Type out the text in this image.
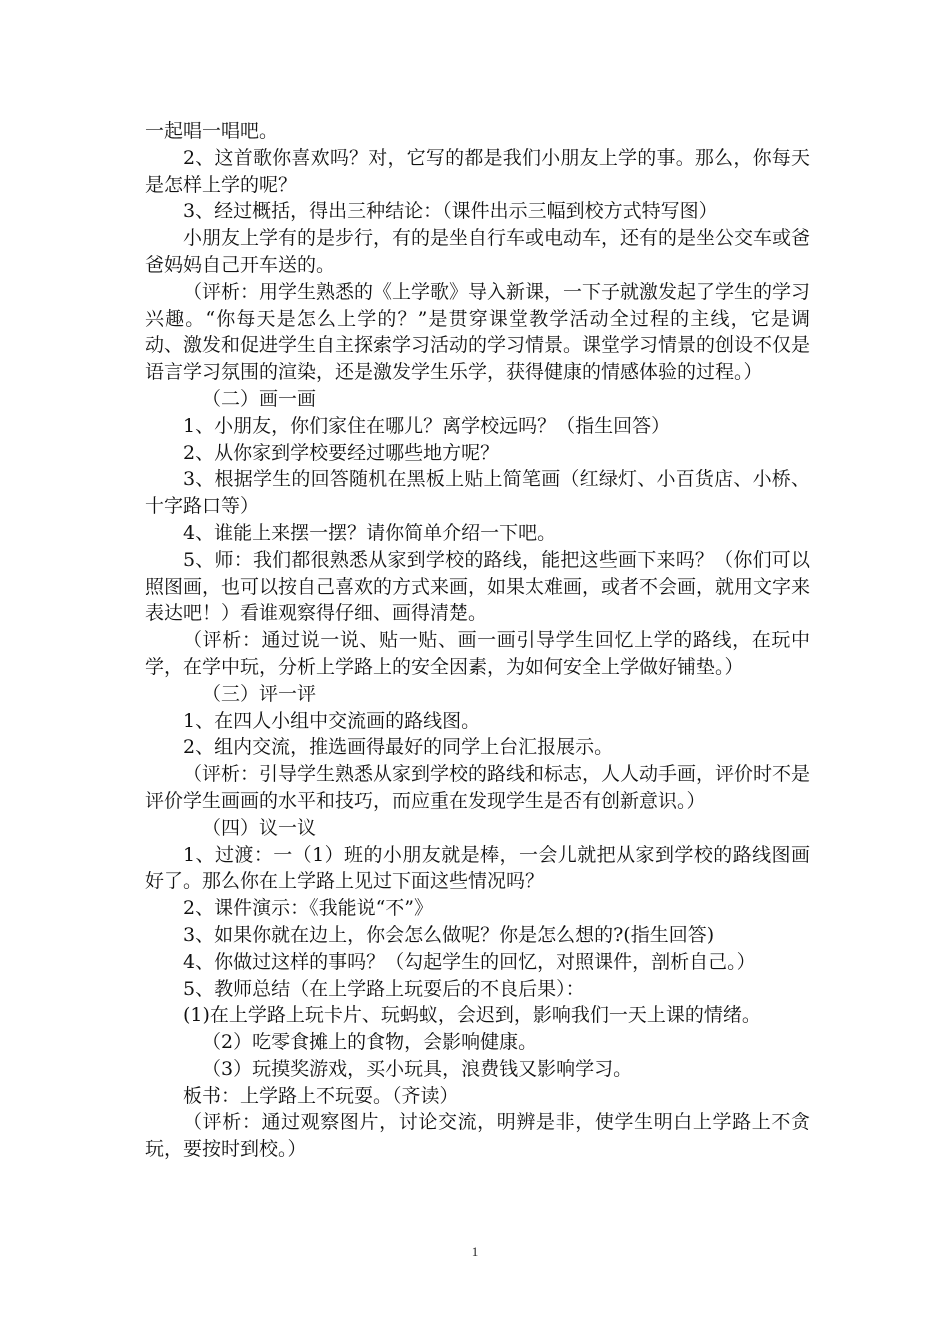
一起唱一唱吧。

2、这首歌你喜欢吗？对，它写的都是我们小朋友上学的事。那么，你每天是怎样上学的呢？

3、经过概括，得出三种结论：（课件出示三幅到校方式特写图）

小朋友上学有的是步行，有的是坐自行车或电动车，还有的是坐公交车或爸爸妈妈自己开车送的。

（评析：用学生熟悉的《上学歌》导入新课，一下子就激发起了学生的学习兴趣。“你每天是怎么上学的？”是贯穿课堂教学活动全过程的主线，它是调动、激发和促进学生自主探索学习活动的学习情景。课堂学习情景的创设不仅是语言学习氛围的渲染，还是激发学生乐学，获得健康的情感体验的过程。）

（二）画一画

1、小朋友，你们家住在哪儿？离学校远吗？（指生回答）

2、从你家到学校要经过哪些地方呢？

3、根据学生的回答随机在黑板上贴上简笔画（红绿灯、小百货店、小桥、十字路口等）

4、谁能上来摆一摆？请你简单介绍一下吧。

5、师：我们都很熟悉从家到学校的路线，能把这些画下来吗？（你们可以照图画，也可以按自己喜欢的方式来画，如果太难画，或者不会画，就用文字来表达吧！）看谁观察得仔细、画得清楚。

（评析：通过说一说、贴一贴、画一画引导学生回忆上学的路线，在玩中学，在学中玩，分析上学路上的安全因素，为如何安全上学做好铺垫。）

（三）评一评

1、在四人小组中交流画的路线图。

2、组内交流，推选画得最好的同学上台汇报展示。

（评析：引导学生熟悉从家到学校的路线和标志，人人动手画，评价时不是评价学生画画的水平和技巧，而应重在发现学生是否有创新意识。）

（四）议一议

1、过渡：一（1）班的小朋友就是棒，一会儿就把从家到学校的路线图画好了。那么你在上学路上见过下面这些情况吗？

2、课件演示：《我能说“不”》

3、如果你就在边上，你会怎么做呢？你是怎么想的?(指生回答)

4、你做过这样的事吗？（勾起学生的回忆，对照课件，剖析自己。）

5、教师总结（在上学路上玩耍后的不良后果）：

(1)在上学路上玩卡片、玩蚂蚁，会迟到，影响我们一天上课的情绪。

（2）吃零食摊上的食物，会影响健康。

（3）玩摸奖游戏，买小玩具，浪费钱又影响学习。

板书：上学路上不玩耍。（齐读）

（评析：通过观察图片，讨论交流，明辨是非，使学生明白上学路上不贪玩，要按时到校。）

1
